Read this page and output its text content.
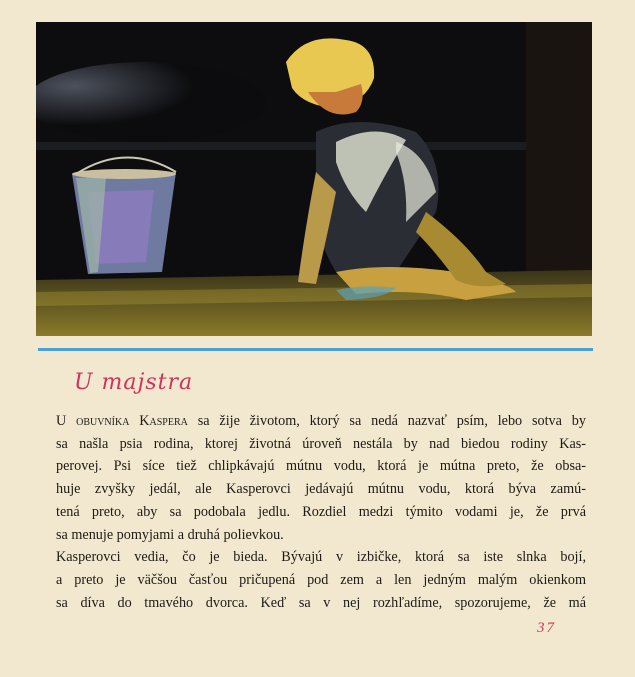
U majstra

U obuvníka Kaspera sa žije životom, ktorý sa nedá nazvať psím, lebo sotva by
sa našla psia rodina, ktorej životná úroveň nestála by nad biedou rodiny Kas-
perovej. Psi síce tiež chlipkávajú mútnu vodu, ktorá je mútna preto, že obsa-
huje zvyšky jedál, ale Kasperovci jedávajú mútnu vodu, ktorá býva zamú-
tená preto, aby sa podobala jedlu. Rozdiel medzi týmito vodami je, že prvá
sa menuje pomyjami a druhá polievkou.

Kasperovci vedia, čo je bieda. Bývajú v izbičke, ktorá sa iste slnka bojí,
a preto je väčšou časťou pričupená pod zem a len jedným malým okienkom
sa díva do tmavého dvorca. Keď sa v nej rozhľadíme, spozorujeme, že má

37
